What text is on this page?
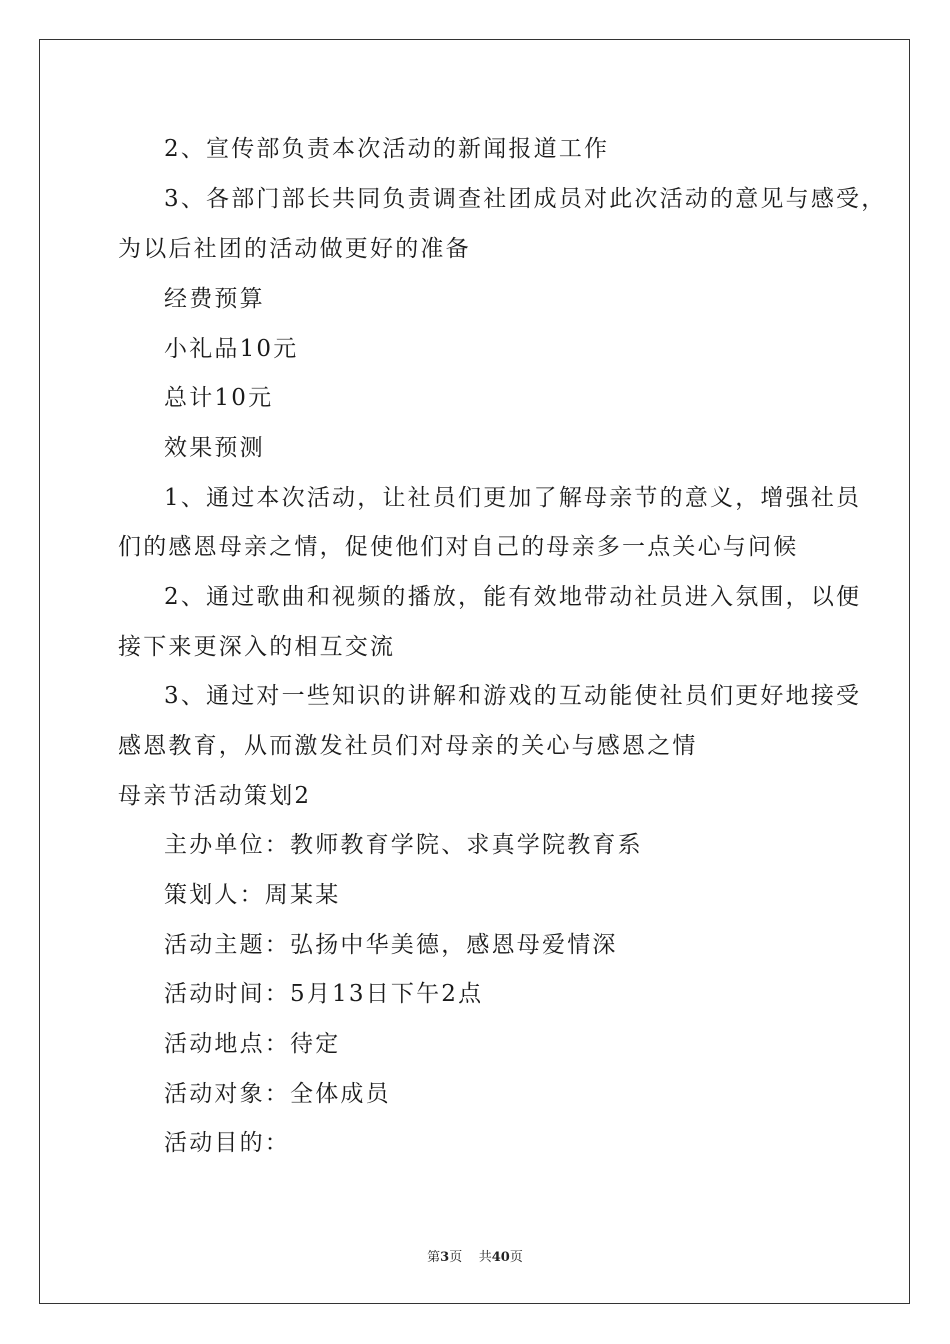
2、宣传部负责本次活动的新闻报道工作
3、各部门部长共同负责调查社团成员对此次活动的意见与感受，
为以后社团的活动做更好的准备
经费预算
小礼品10元
总计10元
效果预测
1、通过本次活动，让社员们更加了解母亲节的意义，增强社员
们的感恩母亲之情，促使他们对自己的母亲多一点关心与问候
2、通过歌曲和视频的播放，能有效地带动社员进入氛围，以便
接下来更深入的相互交流
3、通过对一些知识的讲解和游戏的互动能使社员们更好地接受
感恩教育，从而激发社员们对母亲的关心与感恩之情
母亲节活动策划2
主办单位：教师教育学院、求真学院教育系
策划人：周某某
活动主题：弘扬中华美德，感恩母爱情深
活动时间：5月13日下午2点
活动地点：待定
活动对象：全体成员
活动目的：
第3页 共40页
